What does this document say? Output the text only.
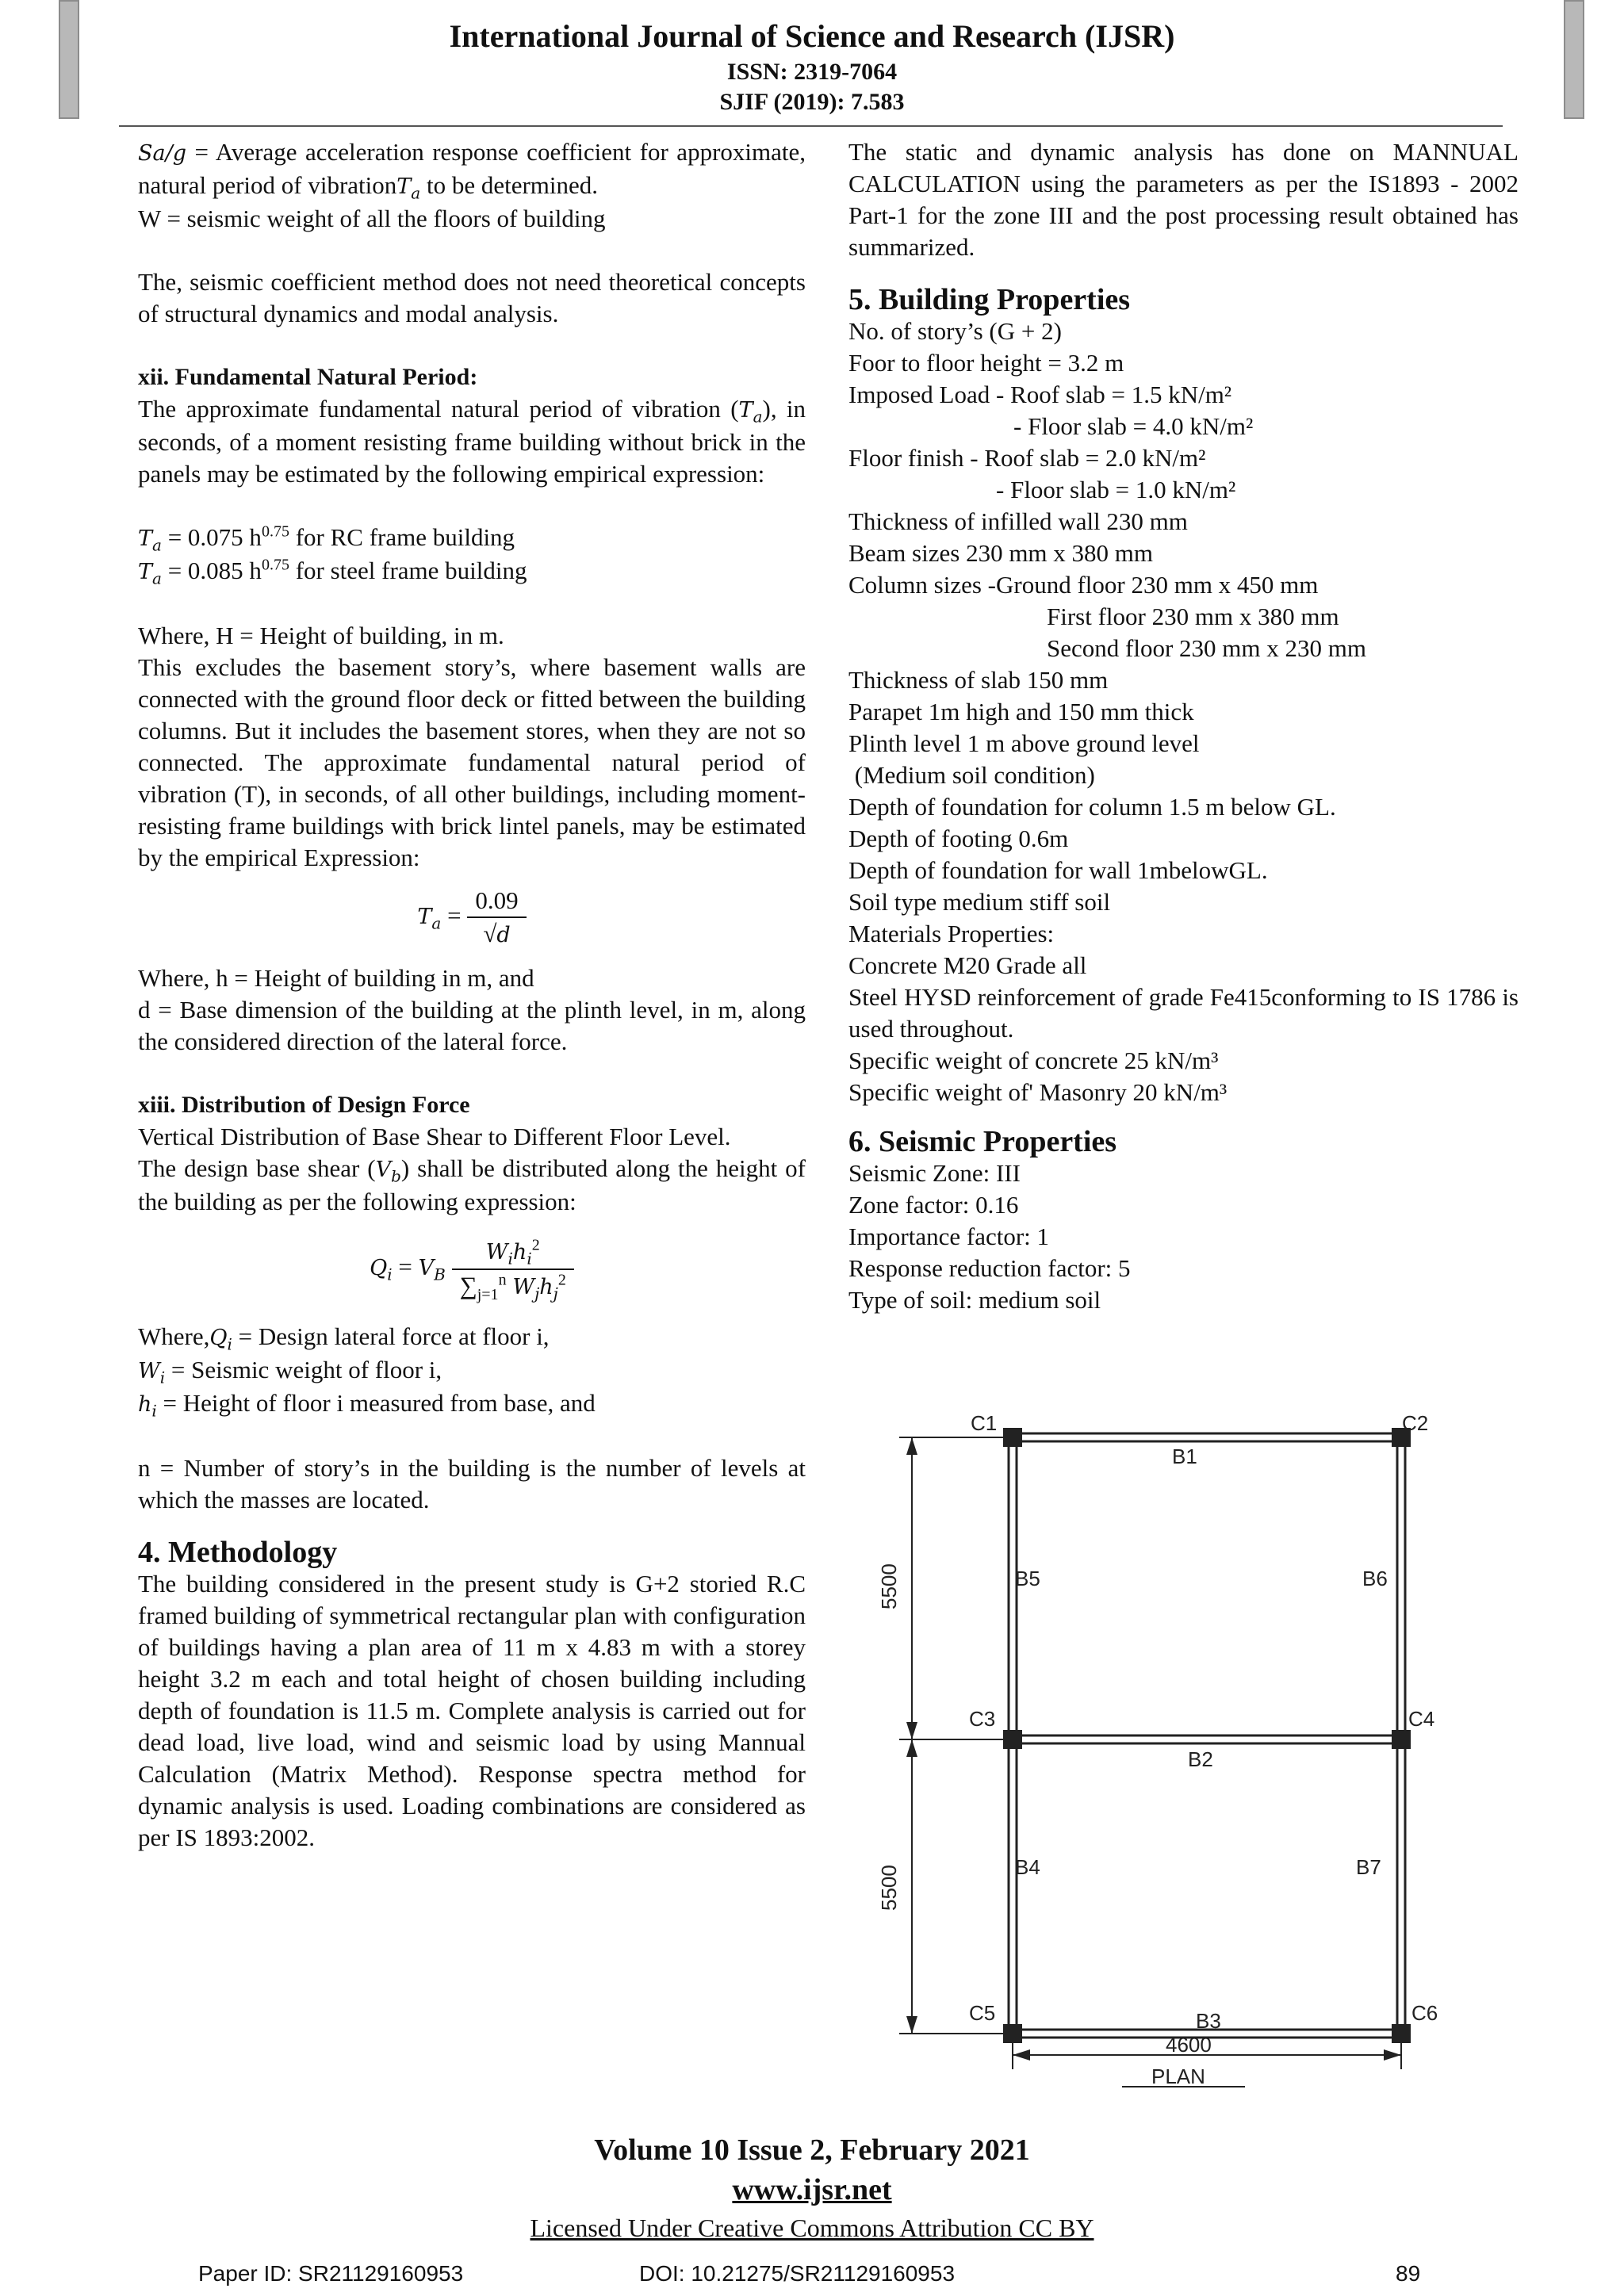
International Journal of Science and Research (IJSR)
ISSN: 2319-7064
SJIF (2019): 7.583

Sa/g = Average acceleration response coefficient for approximate, natural period of vibrationT$_a$ to be determined.

W = seismic weight of all the floors of building

The, seismic coefficient method does not need theoretical concepts of structural dynamics and modal analysis.

xii. Fundamental Natural Period:

The approximate fundamental natural period of vibration $(T_a)$, in seconds, of a moment resisting frame building without brick in the panels may be estimated by the following empirical expression:

$T_a = 0.075$ $h^{0.75}$ for RC frame building

$T_a = 0.085$ $h^{0.75}$ for steel frame building

Where, H = Height of building, in m.

This excludes the basement story’s, where basement walls are connected with the ground floor deck or fitted between the building columns. But it includes the basement stores, when they are not so connected. The approximate fundamental natural period of vibration (T), in seconds, of all other buildings, including moment-resisting frame buildings with brick lintel panels, may be estimated by the empirical Expression:

$T_a = \frac{0.09}{√d}$

Where, h = Height of building in m, and

d = Base dimension of the building at the plinth level, in m, along the considered direction of the lateral force.

xiii. Distribution of Design Force

Vertical Distribution of Base Shear to Different Floor Level.

The design base shear $(V_b)$ shall be distributed along the height of the building as per the following expression:

$Q_i = V_B \frac{W_ih_i^2}{\sum_{j=1}^n W_jh_j^2}$

$Where,Q_i$ = Design lateral force at floor i,

$W_i$ = Seismic weight of floor i,

$h_i$ = Height of floor i measured from base, and

n = Number of story’s in the building is the number of levels at which the masses are located.

4. Methodology

The building considered in the present study is G+2 storied R.C framed building of symmetrical rectangular plan with configuration of buildings having a plan area of 11 m x 4.83 m with a storey height 3.2 m each and total height of chosen building including depth of foundation is 11.5 m. Complete analysis is carried out for dead load, live load, wind and seismic load by using Mannual Calculation (Matrix Method). Response spectra method for dynamic analysis is used. Loading combinations are considered as per IS 1893:2002.

The static and dynamic analysis has done on MANNUAL CALCULATION using the parameters as per the IS1893 - 2002 Part-1 for the zone III and the post processing result obtained has summarized.

5. Building Properties

No. of story’s (G + 2)

Foor to floor height = 3.2 m

Imposed Load - Roof slab = 1.5 kN/m²

- Floor slab = 4.0 kN/m²

Floor finish - Roof slab = 2.0 kN/m²

- Floor slab = 1.0 kN/m²

Thickness of infilled wall 230 mm

Beam sizes 230 mm x 380 mm

Column sizes -Ground floor 230 mm x 450 mm

First floor 230 mm x 380 mm

Second floor 230 mm x 230 mm

Thickness of slab 150 mm

Parapet 1m high and 150 mm thick

Plinth level 1 m above ground level

(Medium soil condition)

Depth of foundation for column 1.5 m below GL.

Depth of footing 0.6m

Depth of foundation for wall 1mbelowGL.

Soil type medium stiff soil

Materials Properties:

Concrete M20 Grade all

Steel HYSD reinforcement of grade Fe415conforming to IS 1786 is used throughout.

Specific weight of concrete 25 kN/m³

Specific weight of' Masonry 20 kN/m³

6. Seismic Properties

Seismic Zone: III

Zone factor: 0.16

Importance factor: 1

Response reduction factor: 5

Type of soil: medium soil

C1	C2
C3	C4
C5	C6
B1
B5	B6
B2
B4	B7
B3
4600
PLAN
5500
5500
Volume 10 Issue 2, February 2021
www.ijsr.net
Licensed Under Creative Commons Attribution CC BY
Paper ID: SR21129160953	DOI: 10.21275/SR21129160953	89
